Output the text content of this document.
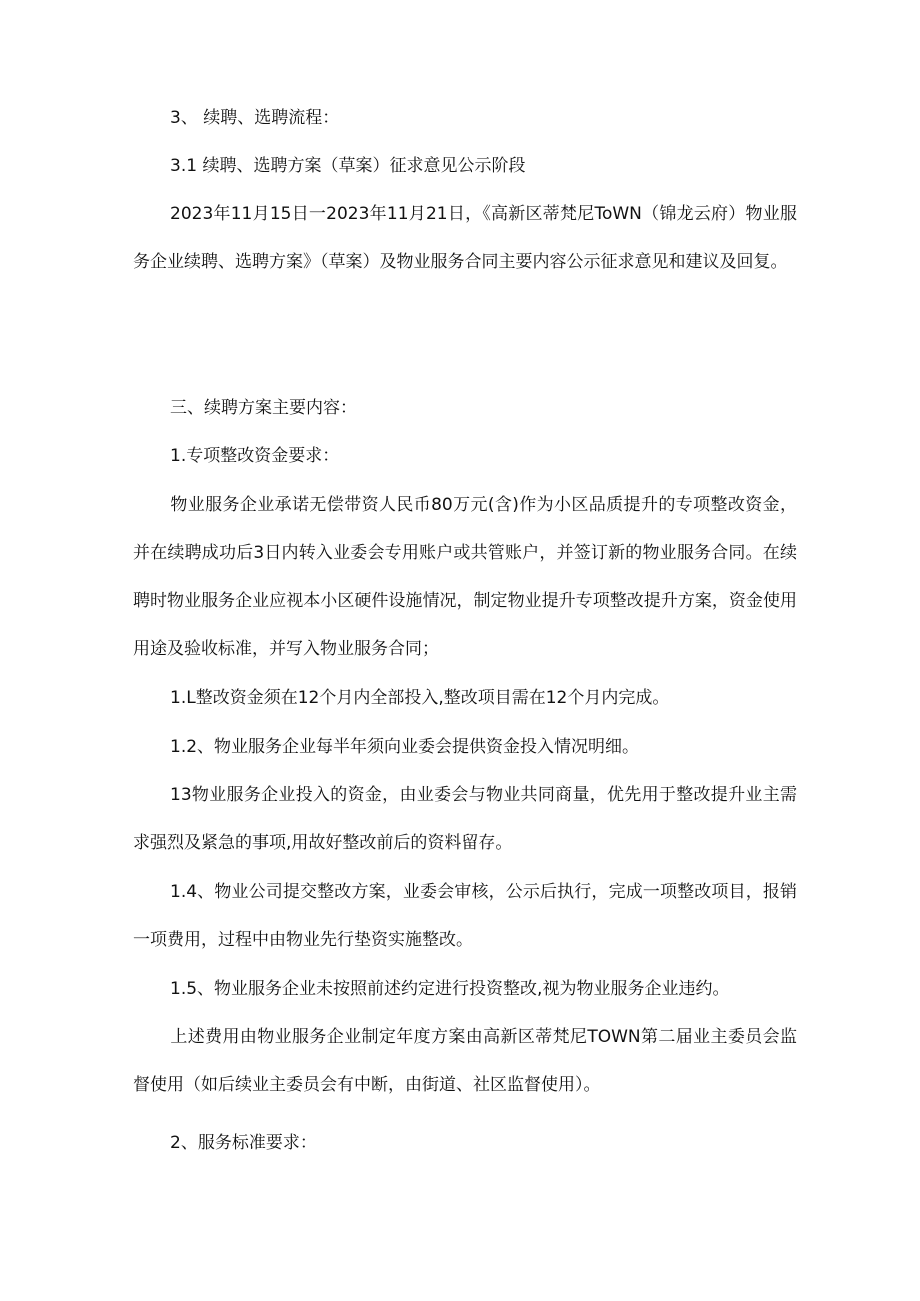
3、 续聘、选聘流程：

3.1 续聘、选聘方案（草案）征求意见公示阶段

2023年11月15日一2023年11月21日，《高新区蒂梵尼ToWN（锦龙云府）物业服务企业续聘、选聘方案》（草案）及物业服务合同主要内容公示征求意见和建议及回复。

三、续聘方案主要内容：

1.专项整改资金要求：

物业服务企业承诺无偿带资人民币80万元(含)作为小区品质提升的专项整改资金，并在续聘成功后3日内转入业委会专用账户或共管账户，并签订新的物业服务合同。在续聘时物业服务企业应视本小区硬件设施情况，制定物业提升专项整改提升方案，资金使用用途及验收标准，并写入物业服务合同；

1.L整改资金须在12个月内全部投入,整改项目需在12个月内完成。

1.2、物业服务企业每半年须向业委会提供资金投入情况明细。

13物业服务企业投入的资金，由业委会与物业共同商量，优先用于整改提升业主需求强烈及紧急的事项,用故好整改前后的资料留存。

1.4、物业公司提交整改方案，业委会审核，公示后执行，完成一项整改项目，报销一项费用，过程中由物业先行垫资实施整改。

1.5、物业服务企业未按照前述约定进行投资整改,视为物业服务企业违约。

上述费用由物业服务企业制定年度方案由高新区蒂梵尼TOWN第二届业主委员会监督使用（如后续业主委员会有中断，由街道、社区监督使用）。

2、服务标准要求：
